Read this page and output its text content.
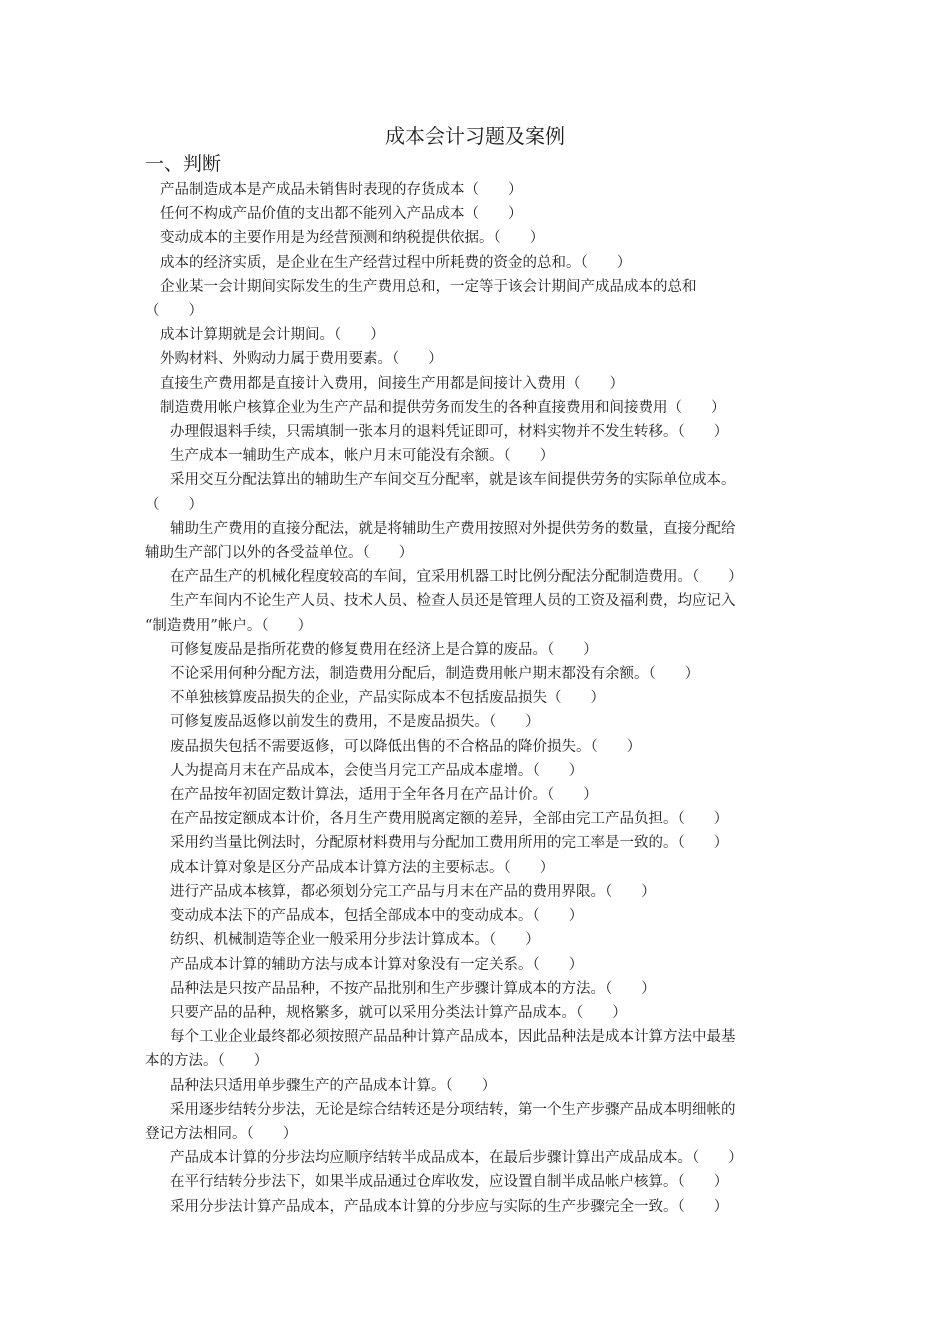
成本会计习题及案例
一、判断
产品制造成本是产成品未销售时表现的存货成本（　　）
任何不构成产品价值的支出都不能列入产品成本（　　）
变动成本的主要作用是为经营预测和纳税提供依据。（　　）
成本的经济实质，是企业在生产经营过程中所耗费的资金的总和。（　　）
企业某一会计期间实际发生的生产费用总和，一定等于该会计期间产成品成本的总和
（　　）
成本计算期就是会计期间。（　　）
外购材料、外购动力属于费用要素。（　　）
直接生产费用都是直接计入费用，间接生产用都是间接计入费用（　　）
制造费用帐户核算企业为生产产品和提供劳务而发生的各种直接费用和间接费用（　　）
办理假退料手续，只需填制一张本月的退料凭证即可，材料实物并不发生转移。（　　）
生产成本一辅助生产成本，帐户月末可能没有余额。（　　）
采用交互分配法算出的辅助生产车间交互分配率，就是该车间提供劳务的实际单位成本。
（　　）
辅助生产费用的直接分配法，就是将辅助生产费用按照对外提供劳务的数量，直接分配给
辅助生产部门以外的各受益单位。（　　）
在产品生产的机械化程度较高的车间，宜采用机器工时比例分配法分配制造费用。（　　）
生产车间内不论生产人员、技术人员、检查人员还是管理人员的工资及福利费，均应记入
“制造费用”帐户。（　　）
可修复废品是指所花费的修复费用在经济上是合算的废品。（　　）
不论采用何种分配方法，制造费用分配后，制造费用帐户期末都没有余额。（　　）
不单独核算废品损失的企业，产品实际成本不包括废品损失（　　）
可修复废品返修以前发生的费用，不是废品损失。（　　）
废品损失包括不需要返修，可以降低出售的不合格品的降价损失。（　　）
人为提高月末在产品成本，会使当月完工产品成本虚增。（　　）
在产品按年初固定数计算法，适用于全年各月在产品计价。（　　）
在产品按定额成本计价，各月生产费用脱离定额的差异，全部由完工产品负担。（　　）
采用约当量比例法时，分配原材料费用与分配加工费用所用的完工率是一致的。（　　）
成本计算对象是区分产品成本计算方法的主要标志。（　　）
进行产品成本核算，都必须划分完工产品与月末在产品的费用界限。（　　）
变动成本法下的产品成本，包括全部成本中的变动成本。（　　）
纺织、机械制造等企业一般采用分步法计算成本。（　　）
产品成本计算的辅助方法与成本计算对象没有一定关系。（　　）
品种法是只按产品品种，不按产品批别和生产步骤计算成本的方法。（　　）
只要产品的品种，规格繁多，就可以采用分类法计算产品成本。（　　）
每个工业企业最终都必须按照产品品种计算产品成本，因此品种法是成本计算方法中最基
本的方法。（　　）
品种法只适用单步骤生产的产品成本计算。（　　）
采用逐步结转分步法，无论是综合结转还是分项结转，第一个生产步骤产品成本明细帐的
登记方法相同。（　　）
产品成本计算的分步法均应顺序结转半成品成本，在最后步骤计算出产成品成本。（　　）
在平行结转分步法下，如果半成品通过仓库收发，应设置自制半成品帐户核算。（　　）
采用分步法计算产品成本，产品成本计算的分步应与实际的生产步骤完全一致。（　　）
